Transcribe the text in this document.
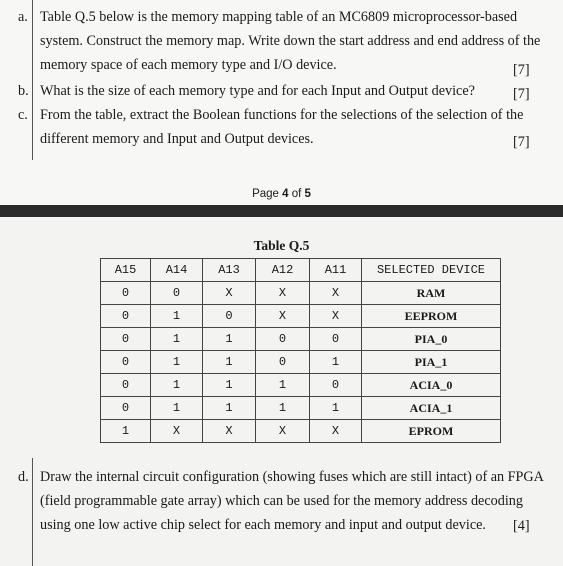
a. Table Q.5 below is the memory mapping table of an MC6809 microprocessor-based
system. Construct the memory map. Write down the start address and end address of the
memory space of each memory type and I/O device.	[7]
b. What is the size of each memory type and for each Input and Output device?	[7]
c. From the table, extract the Boolean functions for the selections of the selection of the
different memory and Input and Output devices.	[7]
Page 4 of 5
Table Q.5
A15	A14	A13	A12	A11	SELECTED DEVICE
0	0	X	X	X	RAM
0	1	0	X	X	EEPROM
0	1	1	0	0	PIA_0
0	1	1	0	1	PIA_1
0	1	1	1	0	ACIA_0
0	1	1	1	1	ACIA_1
1	X	X	X	X	EPROM
d. Draw the internal circuit configuration (showing fuses which are still intact) of an FPGA
(field programmable gate array) which can be used for the memory address decoding
using one low active chip select for each memory and input and output device.	[4]
